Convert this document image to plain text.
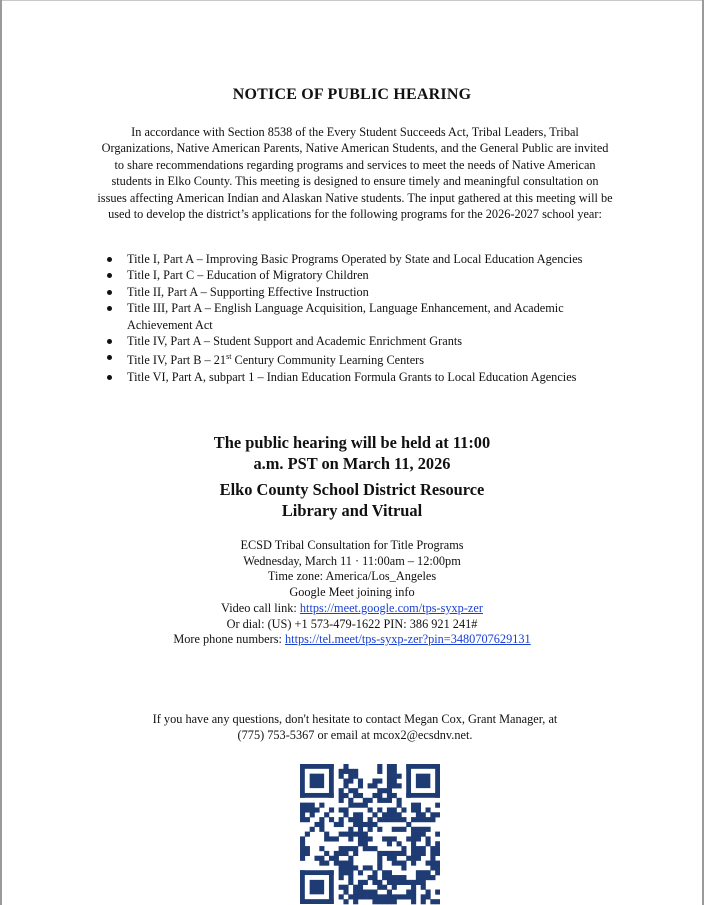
NOTICE OF PUBLIC HEARING
In accordance with Section 8538 of the Every Student Succeeds Act, Tribal Leaders, Tribal Organizations, Native American Parents, Native American Students, and the General Public are invited to share recommendations regarding programs and services to meet the needs of Native American students in Elko County. This meeting is designed to ensure timely and meaningful consultation on issues affecting American Indian and Alaskan Native students. The input gathered at this meeting will be used to develop the district’s applications for the following programs for the 2026-2027 school year:
Title I, Part A – Improving Basic Programs Operated by State and Local Education Agencies
Title I, Part C – Education of Migratory Children
Title II, Part A – Supporting Effective Instruction
Title III, Part A – English Language Acquisition, Language Enhancement, and Academic Achievement Act
Title IV, Part A – Student Support and Academic Enrichment Grants
Title IV, Part B – 21st Century Community Learning Centers
Title VI, Part A, subpart 1 – Indian Education Formula Grants to Local Education Agencies
The public hearing will be held at 11:00
a.m. PST on March 11, 2026
Elko County School District Resource
Library and Vitrual
ECSD Tribal Consultation for Title Programs
Wednesday, March 11 · 11:00am – 12:00pm
Time zone: America/Los_Angeles
Google Meet joining info
Video call link: https://meet.google.com/tps-syxp-zer
Or dial: (US) +1 573-479-1622 PIN: 386 921 241#
More phone numbers: https://tel.meet/tps-syxp-zer?pin=3480707629131
If you have any questions, don't hesitate to contact Megan Cox, Grant Manager, at
(775) 753-5367 or email at mcox2@ecsdnv.net.
